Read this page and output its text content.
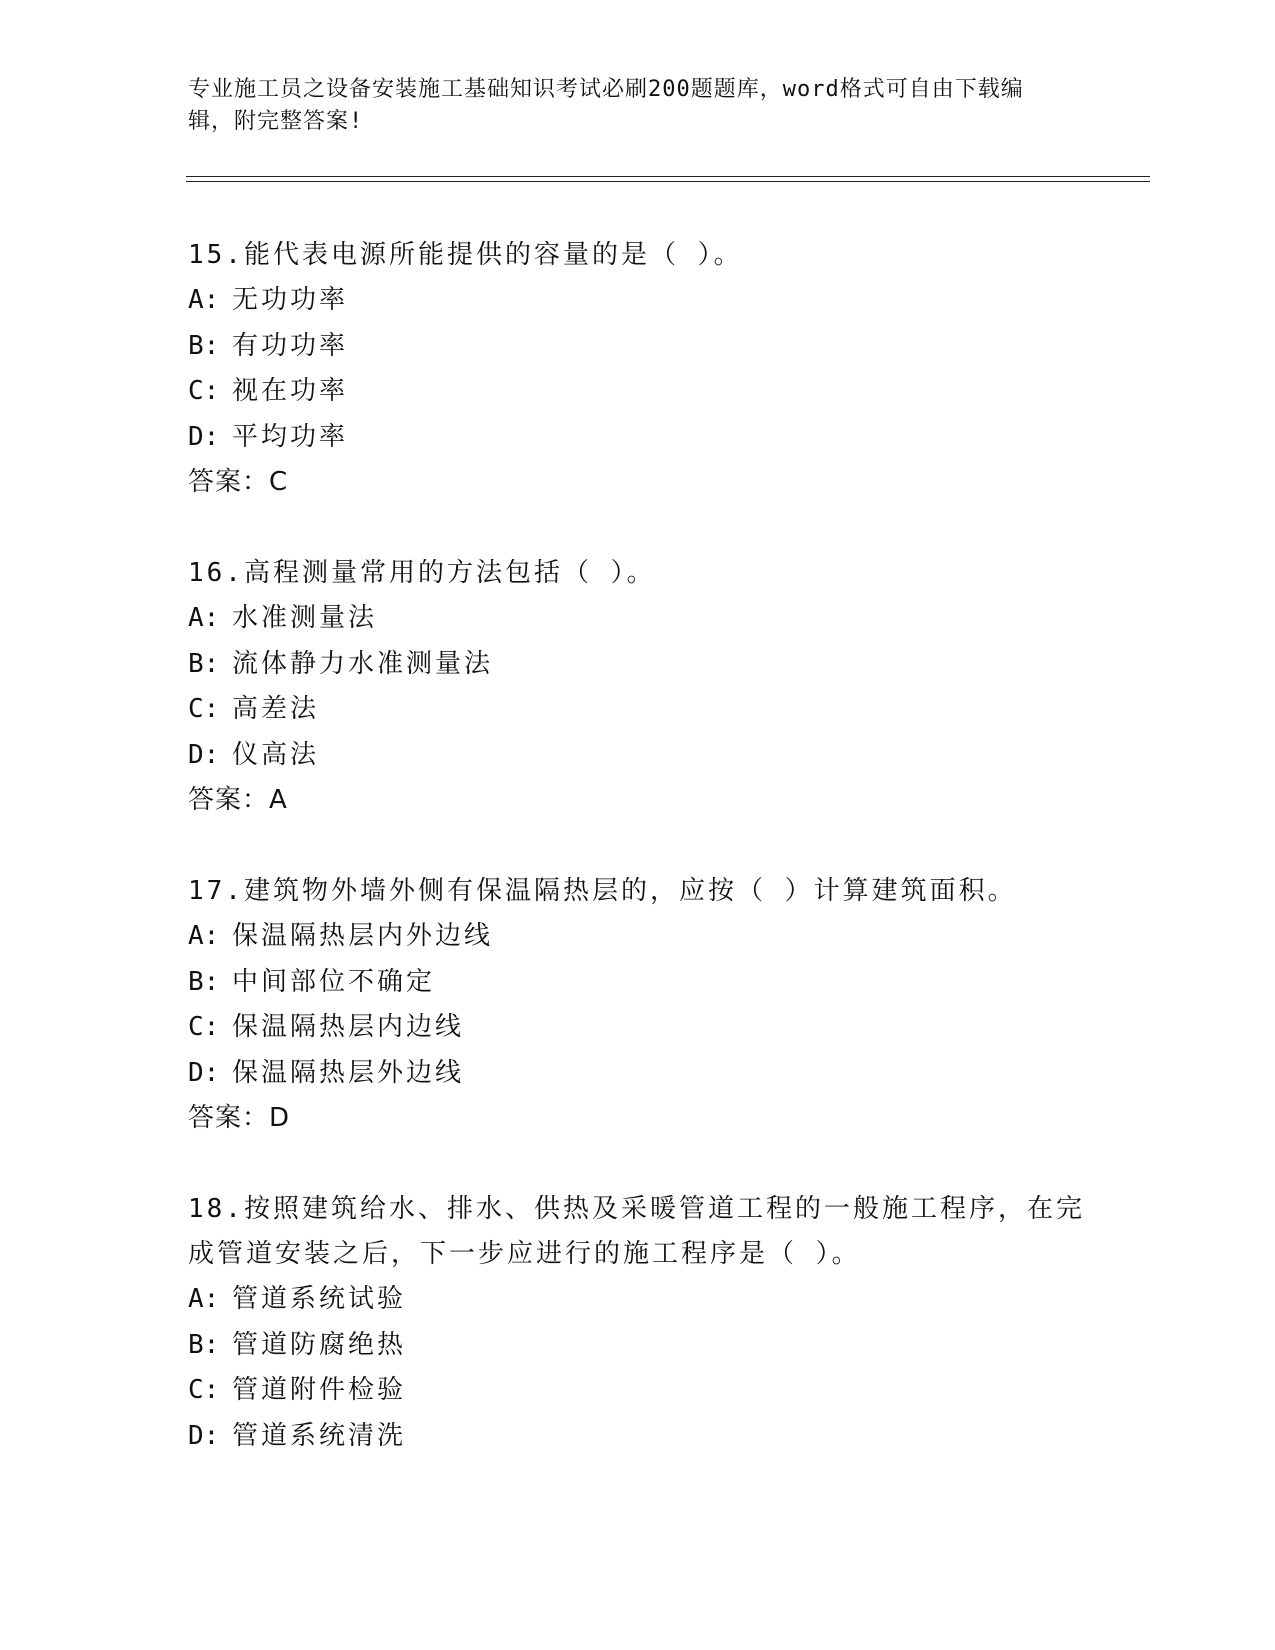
专业施工员之设备安装施工基础知识考试必刷200题题库，word格式可自由下载编辑，附完整答案!

15.能代表电源所能提供的容量的是（ ）。

A: 无功功率

B: 有功功率

C: 视在功率

D: 平均功率

答案：C

16.高程测量常用的方法包括（ ）。

A: 水准测量法

B: 流体静力水准测量法

C: 高差法

D: 仪高法

答案：A

17.建筑物外墙外侧有保温隔热层的，应按（ ）计算建筑面积。

A: 保温隔热层内外边线

B: 中间部位不确定

C: 保温隔热层内边线

D: 保温隔热层外边线

答案：D

18.按照建筑给水、排水、供热及采暖管道工程的一般施工程序，在完成管道安装之后，下一步应进行的施工程序是（ ）。

A: 管道系统试验

B: 管道防腐绝热

C: 管道附件检验

D: 管道系统清洗
